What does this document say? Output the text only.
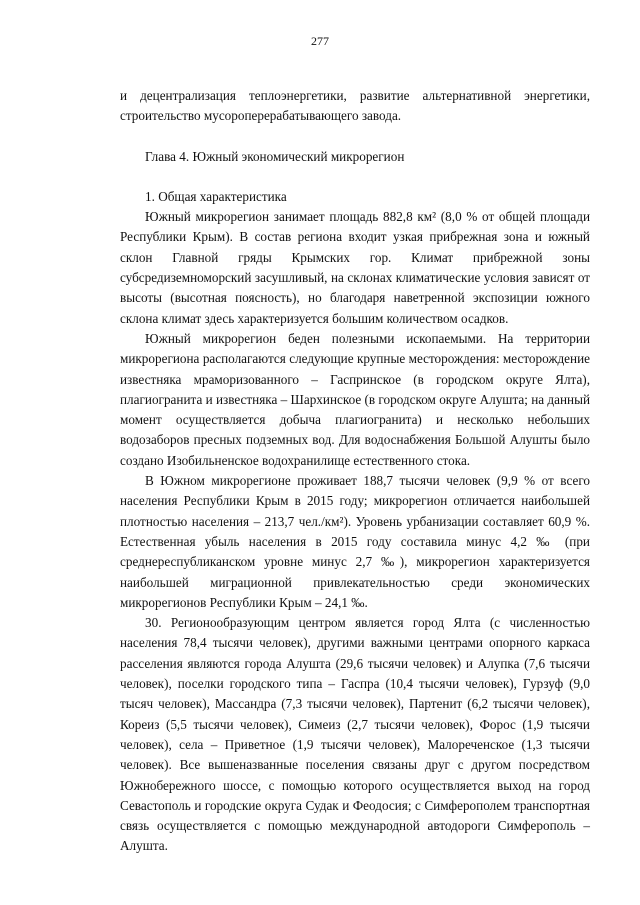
277

и децентрализация теплоэнергетики, развитие альтернативной энергетики, строительство мусороперерабатывающего завода.

Глава 4. Южный экономический микрорегион

1. Общая характеристика

Южный микрорегион занимает площадь 882,8 км² (8,0 % от общей площади Республики Крым). В состав региона входит узкая прибрежная зона и южный склон Главной гряды Крымских гор. Климат прибрежной зоны субсредиземноморский засушливый, на склонах климатические условия зависят от высоты (высотная поясность), но благодаря наветренной экспозиции южного склона климат здесь характеризуется большим количеством осадков.

Южный микрорегион беден полезными ископаемыми. На территории микрорегиона располагаются следующие крупные месторождения: месторождение известняка мраморизованного – Гаспринское (в городском округе Ялта), плагиогранита и известняка – Шархинское (в городском округе Алушта; на данный момент осуществляется добыча плагиогранита) и несколько небольших водозаборов пресных подземных вод. Для водоснабжения Большой Алушты было создано Изобильненское водохранилище естественного стока.

В Южном микрорегионе проживает 188,7 тысячи человек (9,9 % от всего населения Республики Крым в 2015 году; микрорегион отличается наибольшей плотностью населения – 213,7 чел./км²). Уровень урбанизации составляет 60,9 %. Естественная убыль населения в 2015 году составила минус 4,2 ‰ (при среднереспубликанском уровне минус 2,7 ‰), микрорегион характеризуется наибольшей миграционной привлекательностью среди экономических микрорегионов Республики Крым – 24,1 ‰.

30. Регионообразующим центром является город Ялта (с численностью населения 78,4 тысячи человек), другими важными центрами опорного каркаса расселения являются города Алушта (29,6 тысячи человек) и Алупка (7,6 тысячи человек), поселки городского типа – Гаспра (10,4 тысячи человек), Гурзуф (9,0 тысяч человек), Массандра (7,3 тысячи человек), Партенит (6,2 тысячи человек), Кореиз (5,5 тысячи человек), Симеиз (2,7 тысячи человек), Форос (1,9 тысячи человек), села – Приветное (1,9 тысячи человек), Малореченское (1,3 тысячи человек). Все вышеназванные поселения связаны друг с другом посредством Южнобережного шоссе, с помощью которого осуществляется выход на город Севастополь и городские округа Судак и Феодосия; с Симферополем транспортная связь осуществляется с помощью международной автодороги Симферополь – Алушта.
